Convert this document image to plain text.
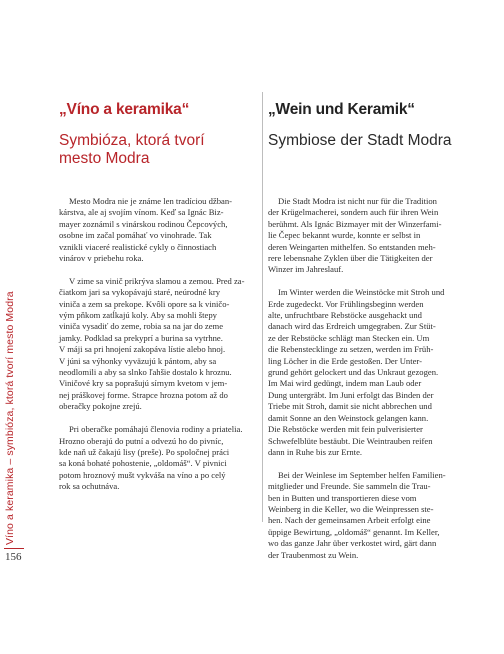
Víno a keramika – symbióza, ktorá tvorí mesto Modra
156
„Víno a keramika“
Symbióza, ktorá tvorí
mesto Modra
Mesto Modra nie je známe len tradíciou džban-
kárstva, ale aj svojím vínom. Keď sa Ignác Biz-
mayer zoznámil s vinárskou rodinou Čepcových,
osobne im začal pomáhať vo vinohrade. Tak
vznikli viaceré realistické cykly o činnostiach
vinárov v priebehu roka.
V zime sa vinič prikrýva slamou a zemou. Pred za-
čiatkom jari sa vykopávajú staré, neúrodné kry
viniča a zem sa prekope. Kvôli opore sa k viničo-
vým pňkom zatĺkajú koly. Aby sa mohli štepy
viniča vysadiť do zeme, robia sa na jar do zeme
jamky. Podklad sa prekyprí a burina sa vytrhne.
V máji sa pri hnojení zakopáva lístie alebo hnoj.
V júni sa výhonky vyväzujú k pántom, aby sa
neodlomili a aby sa slnko ľahšie dostalo k hroznu.
Viničové kry sa poprašujú sírnym kvetom v jem-
nej práškovej forme. Strapce hrozna potom až do
oberačky pokojne zrejú.
Pri oberačke pomáhajú členovia rodiny a priatelia.
Hroznо oberajú do putní a odvezú ho do pivníc,
kde naň už čakajú lisy (preše). Po spoločnej práci
sa koná bohaté pohostenie, „oldomáš“. V pivnici
potom hroznový mušt vykváša na víno a po celý
rok sa ochutnáva.
„Wein und Keramik“
Symbiose der Stadt Modra
Die Stadt Modra ist nicht nur für die Tradition
der Krügelmacherei, sondern auch für ihren Wein
berühmt. Als Ignác Bizmayer mit der Winzerfami-
lie Čepec bekannt wurde, konnte er selbst in
deren Weingarten mithelfen. So entstanden meh-
rere lebensnahe Zyklen über die Tätigkeiten der
Winzer im Jahreslauf.
Im Winter werden die Weinstöcke mit Stroh und
Erde zugedeckt. Vor Frühlingsbeginn werden
alte, unfruchtbare Rebstöcke ausgehackt und
danach wird das Erdreich umgegraben. Zur Stüt-
ze der Rebstöcke schlägt man Stecken ein. Um
die Rebenstecklinge zu setzen, werden im Früh-
ling Löcher in die Erde gestoßen. Der Unter-
grund gehört gelockert und das Unkraut gezogen.
Im Mai wird gedüngt, indem man Laub oder
Dung untergräbt. Im Juni erfolgt das Binden der
Triebe mit Stroh, damit sie nicht abbrechen und
damit Sonne an den Weinstock gelangen kann.
Die Rebstöcke werden mit fein pulverisierter
Schwefelblüte bestäubt. Die Weintrauben reifen
dann in Ruhe bis zur Ernte.
Bei der Weinlese im September helfen Familien-
mitglieder und Freunde. Sie sammeln die Trau-
ben in Butten und transportieren diese vom
Weinberg in die Keller, wo die Weinpressen ste-
hen. Nach der gemeinsamen Arbeit erfolgt eine
üppige Bewirtung, „oldomáš“ genannt. Im Keller,
wo das ganze Jahr über verkostet wird, gärt dann
der Traubenmost zu Wein.
